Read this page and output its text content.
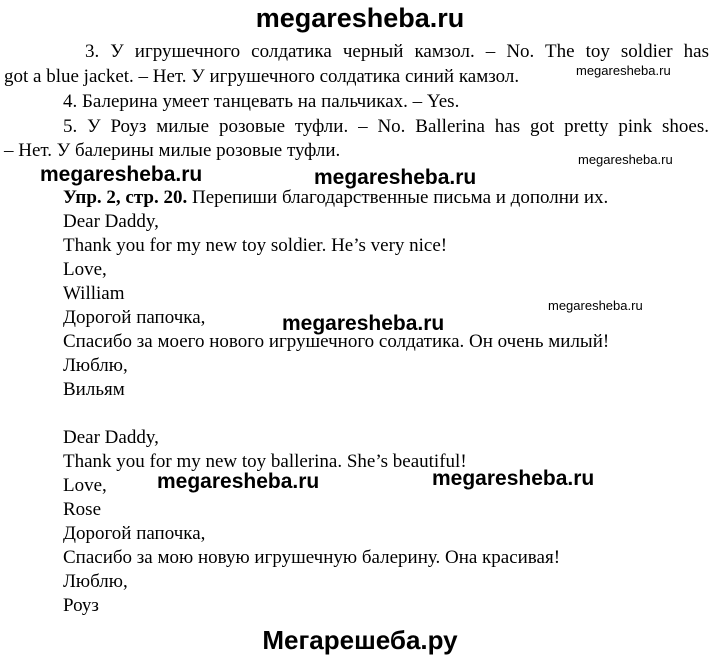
megaresheba.ru
3. У игрушечного солдатика черный камзол. – No. The toy soldier has
got a blue jacket. – Нет. У игрушечного солдатика синий камзол.
4. Балерина умеет танцевать на пальчиках. – Yes.
5. У Роуз милые розовые туфли. – No. Ballerina has got pretty pink shoes.
– Нет. У балерины милые розовые туфли.
Упр. 2, стр. 20. Перепиши благодарственные письма и дополни их.
Dear Daddy,
Thank you for my new toy soldier. He’s very nice!
Love,
William
Дорогой папочка,
Спасибо за моего нового игрушечного солдатика. Он очень милый!
Люблю,
Вильям
Dear Daddy,
Thank you for my new toy ballerina. She’s beautiful!
Love,
Rose
Дорогой папочка,
Спасибо за мою новую игрушечную балерину. Она красивая!
Люблю,
Роуз
megaresheba.ru
megaresheba.ru
megaresheba.ru	megaresheba.ru
megaresheba.ru
megaresheba.ru
megaresheba.ru	megaresheba.ru
Мегарешеба.ру
